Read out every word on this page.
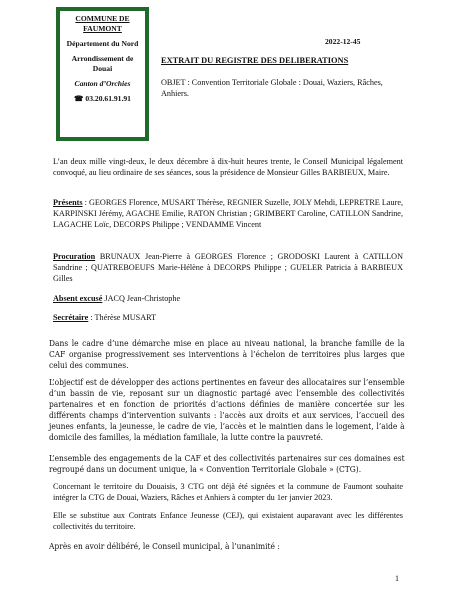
COMMUNE DE FAUMONT
Département du Nord
Arrondissement de Douai
Canton d’Orchies
☎ 03.20.61.91.91
2022-12-45
EXTRAIT DU REGISTRE DES DELIBERATIONS
OBJET : Convention Territoriale Globale : Douai, Waziers, Râches, Anhiers.
L’an deux mille vingt-deux, le deux décembre à dix-huit heures trente, le Conseil Municipal légalement convoqué, au lieu ordinaire de ses séances, sous la présidence de Monsieur Gilles BARBIEUX, Maire.
Présents : GEORGES Florence, MUSART Thérèse, REGNIER Suzelle, JOLY Mehdi, LEPRETRE Laure, KARPINSKI Jérémy, AGACHE Emilie, RATON Christian ; GRIMBERT Caroline, CATILLON Sandrine, LAGACHE Loïc, DECORPS Philippe ; VENDAMME Vincent
Procuration BRUNAUX Jean-Pierre à GEORGES Florence ; GRODOSKI Laurent à CATILLON Sandrine ; QUATREBOEUFS Marie-Hélène à DECORPS Philippe ; GUELER Patricia à BARBIEUX Gilles
Absent excusé JACQ Jean-Christophe
Secrétaire : Thérèse MUSART
Dans le cadre d’une démarche mise en place au niveau national, la branche famille de la CAF organise progressivement ses interventions à l’échelon de territoires plus larges que celui des communes.
L’objectif est de développer des actions pertinentes en faveur des allocataires sur l’ensemble d’un bassin de vie, reposant sur un diagnostic partagé avec l’ensemble des collectivités partenaires et en fonction de priorités d’actions définies de manière concertée sur les différents champs d’intervention suivants : l’accès aux droits et aux services, l’accueil des jeunes enfants, la jeunesse, le cadre de vie, l’accès et le maintien dans le logement, l’aide à domicile des familles, la médiation familiale, la lutte contre la pauvreté.
L’ensemble des engagements de la CAF et des collectivités partenaires sur ces domaines est regroupé dans un document unique, la « Convention Territoriale Globale » (CTG).
Concernant le territoire du Douaisis, 3 CTG ont déjà été signées et la commune de Faumont souhaite intégrer la CTG de Douai, Waziers, Râches et Anhiers à compter du 1er janvier 2023.
Elle se substitue aux Contrats Enfance Jeunesse (CEJ), qui existaient auparavant avec les différentes collectivités du territoire.
Après en avoir délibéré, le Conseil municipal, à l’unanimité :
1
